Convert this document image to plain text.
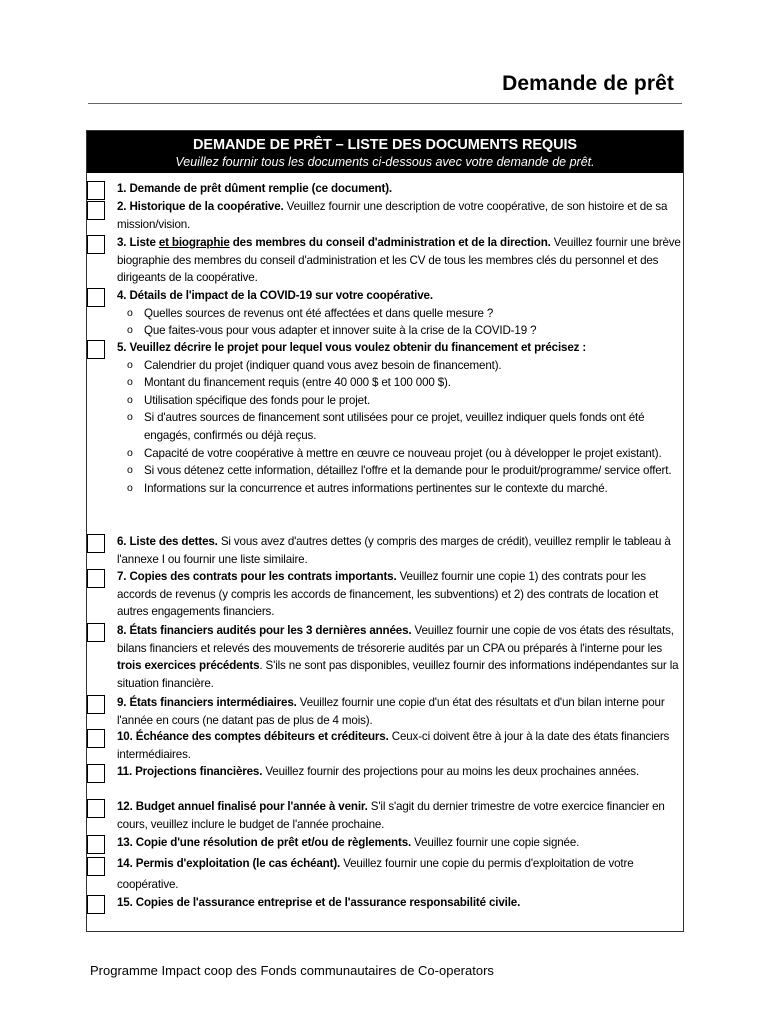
Demande de prêt
DEMANDE DE PRÊT – LISTE DES DOCUMENTS REQUIS
Veuillez fournir tous les documents ci-dessous avec votre demande de prêt.
1. Demande de prêt dûment remplie (ce document).
2. Historique de la coopérative. Veuillez fournir une description de votre coopérative, de son histoire et de sa mission/vision.
3. Liste et biographie des membres du conseil d'administration et de la direction. Veuillez fournir une brève biographie des membres du conseil d'administration et les CV de tous les membres clés du personnel et des dirigeants de la coopérative.
4. Détails de l'impact de la COVID-19 sur votre coopérative.
o Quelles sources de revenus ont été affectées et dans quelle mesure ?
o Que faites-vous pour vous adapter et innover suite à la crise de la COVID-19 ?
5. Veuillez décrire le projet pour lequel vous voulez obtenir du financement et précisez :
o Calendrier du projet (indiquer quand vous avez besoin de financement).
o Montant du financement requis (entre 40 000 $ et 100 000 $).
o Utilisation spécifique des fonds pour le projet.
o Si d'autres sources de financement sont utilisées pour ce projet, veuillez indiquer quels fonds ont été engagés, confirmés ou déjà reçus.
o Capacité de votre coopérative à mettre en œuvre ce nouveau projet (ou à développer le projet existant).
o Si vous détenez cette information, détaillez l'offre et la demande pour le produit/programme/ service offert.
o Informations sur la concurrence et autres informations pertinentes sur le contexte du marché.
6. Liste des dettes. Si vous avez d'autres dettes (y compris des marges de crédit), veuillez remplir le tableau à l'annexe I ou fournir une liste similaire.
7. Copies des contrats pour les contrats importants. Veuillez fournir une copie 1) des contrats pour les accords de revenus (y compris les accords de financement, les subventions) et 2) des contrats de location et autres engagements financiers.
8. États financiers audités pour les 3 dernières années. Veuillez fournir une copie de vos états des résultats, bilans financiers et relevés des mouvements de trésorerie audités par un CPA ou préparés à l'interne pour les trois exercices précédents. S'ils ne sont pas disponibles, veuillez fournir des informations indépendantes sur la situation financière.
9. États financiers intermédiaires. Veuillez fournir une copie d'un état des résultats et d'un bilan interne pour l'année en cours (ne datant pas de plus de 4 mois).
10. Échéance des comptes débiteurs et créditeurs. Ceux-ci doivent être à jour à la date des états financiers intermédiaires.
11. Projections financières. Veuillez fournir des projections pour au moins les deux prochaines années.
12. Budget annuel finalisé pour l'année à venir. S'il s'agit du dernier trimestre de votre exercice financier en cours, veuillez inclure le budget de l'année prochaine.
13. Copie d'une résolution de prêt et/ou de règlements. Veuillez fournir une copie signée.
14. Permis d'exploitation (le cas échéant). Veuillez fournir une copie du permis d'exploitation de votre coopérative.
15. Copies de l'assurance entreprise et de l'assurance responsabilité civile.
Programme Impact coop des Fonds communautaires de Co-operators
